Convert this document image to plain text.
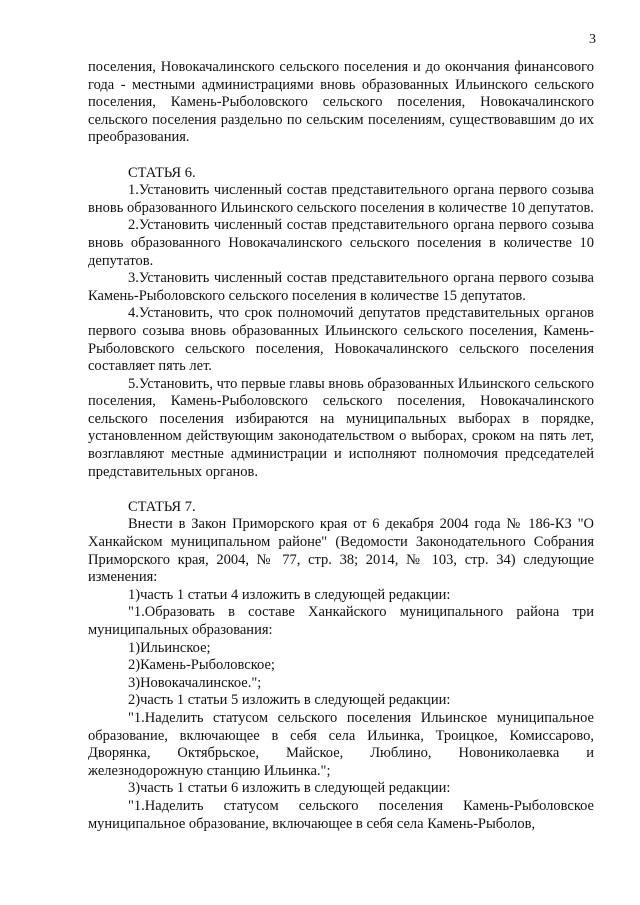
3

поселения, Новокачалинского сельского поселения и до окончания финансового года - местными администрациями вновь образованных Ильинского сельского поселения, Камень-Рыболовского сельского поселения, Новокачалинского сельского поселения раздельно по сельским поселениям, существовавшим до их преобразования.

СТАТЬЯ 6.

1.Установить численный состав представительного органа первого созыва вновь образованного Ильинского сельского поселения в количестве 10 депутатов.

2.Установить численный состав представительного органа первого созыва вновь образованного Новокачалинского сельского поселения в количестве 10 депутатов.

3.Установить численный состав представительного органа первого созыва Камень-Рыболовского сельского поселения в количестве 15 депутатов.

4.Установить, что срок полномочий депутатов представительных органов первого созыва вновь образованных Ильинского сельского поселения, Камень-Рыболовского сельского поселения, Новокачалинского сельского поселения составляет пять лет.

5.Установить, что первые главы вновь образованных Ильинского сельского поселения, Камень-Рыболовского сельского поселения, Новокачалинского сельского поселения избираются на муниципальных выборах в порядке, установленном действующим законодательством о выборах, сроком на пять лет, возглавляют местные администрации и исполняют полномочия председателей представительных органов.

СТАТЬЯ 7.

Внести в Закон Приморского края от 6 декабря 2004 года № 186-КЗ "О Ханкайском муниципальном районе" (Ведомости Законодательного Собрания Приморского края, 2004, № 77, стр. 38; 2014, № 103, стр. 34) следующие изменения:

1)часть 1 статьи 4 изложить в следующей редакции:

"1.Образовать в составе Ханкайского муниципального района три муниципальных образования:

1)Ильинское;

2)Камень-Рыболовское;

3)Новокачалинское.";

2)часть 1 статьи 5 изложить в следующей редакции:

"1.Наделить статусом сельского поселения Ильинское муниципальное образование, включающее в себя села Ильинка, Троицкое, Комиссарово, Дворянка, Октябрьское, Майское, Люблино, Новониколаевка и железнодорожную станцию Ильинка.";

3)часть 1 статьи 6 изложить в следующей редакции:

"1.Наделить статусом сельского поселения Камень-Рыболовское муниципальное образование, включающее в себя села Камень-Рыболов,
